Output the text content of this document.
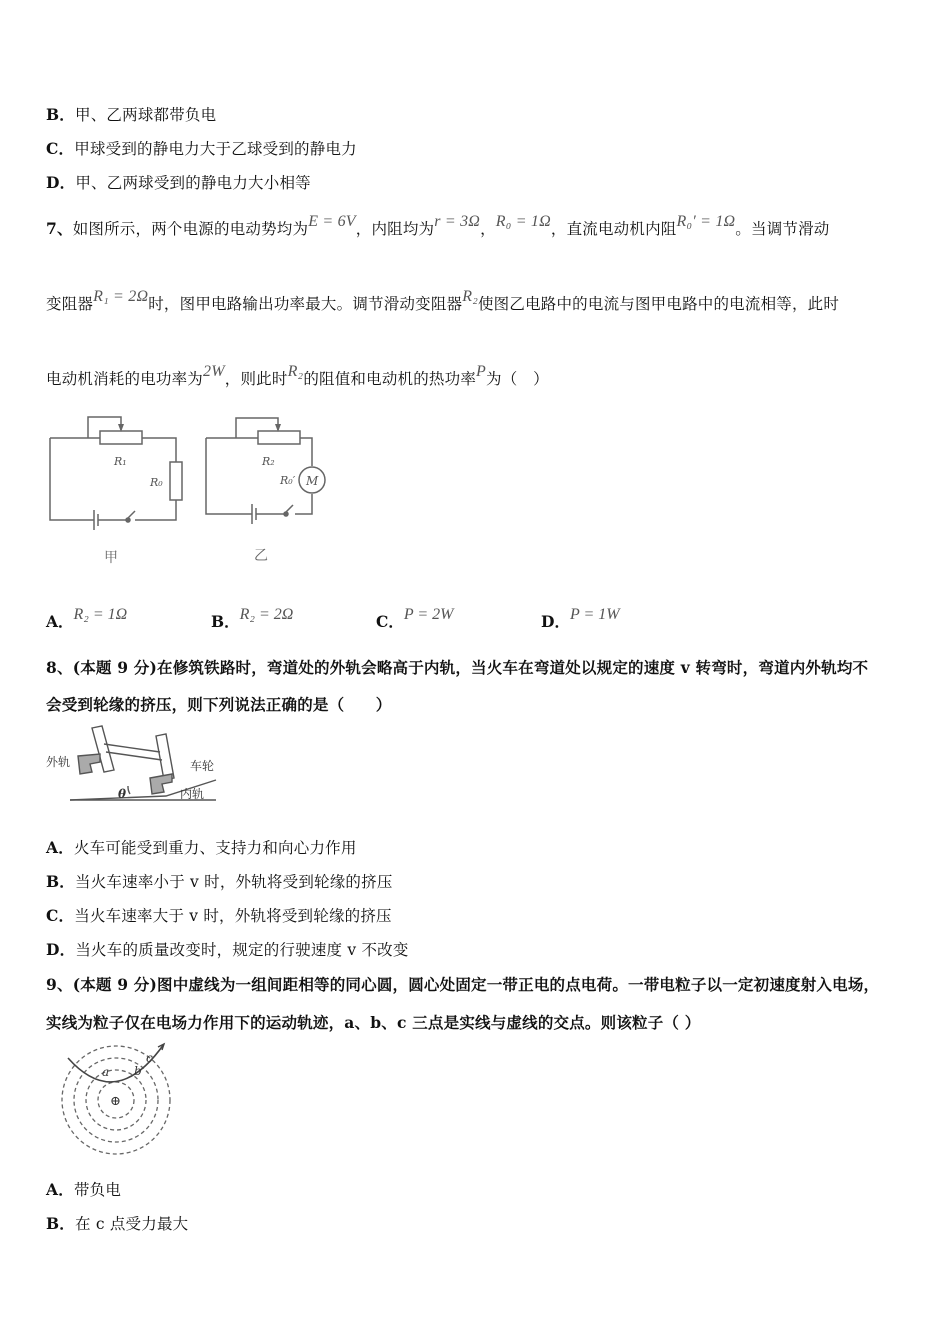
B．甲、乙两球都带负电
C．甲球受到的静电力大于乙球受到的静电力
D．甲、乙两球受到的静电力大小相等
7、如图所示，两个电源的电动势均为E = 6V，内阻均为r = 3Ω，R₀ = 1Ω，直流电动机内阻R₀′ = 1Ω。当调节滑动
变阻器R₁ = 2Ω时，图甲电路输出功率最大。调节滑动变阻器R₂使图乙电路中的电流与图甲电路中的电流相等，此时
电动机消耗的电功率为2W，则此时R₂的阻值和电动机的热功率P为（　）
R₁
R₀
R₂
R₀′ M
甲	乙
A．R₂ = 1Ω	B．R₂ = 2Ω	C．P = 2W	D．P = 1W
8、(本题 9 分)在修筑铁路时，弯道处的外轨会略高于内轨，当火车在弯道处以规定的速度 v 转弯时，弯道内外轨均不
会受到轮缘的挤压，则下列说法正确的是（　　）
外轨	车轮
内轨
θ
A．火车可能受到重力、支持力和向心力作用
B．当火车速率小于 v 时，外轨将受到轮缘的挤压
C．当火车速率大于 v 时，外轨将受到轮缘的挤压
D．当火车的质量改变时，规定的行驶速度 v 不改变
9、(本题 9 分)图中虚线为一组间距相等的同心圆，圆心处固定一带正电的点电荷。一带电粒子以一定初速度射入电场，
实线为粒子仅在电场力作用下的运动轨迹，a、b、c 三点是实线与虚线的交点。则该粒子（ ）
a b
c
⊕
A．带负电
B．在 c 点受力最大
